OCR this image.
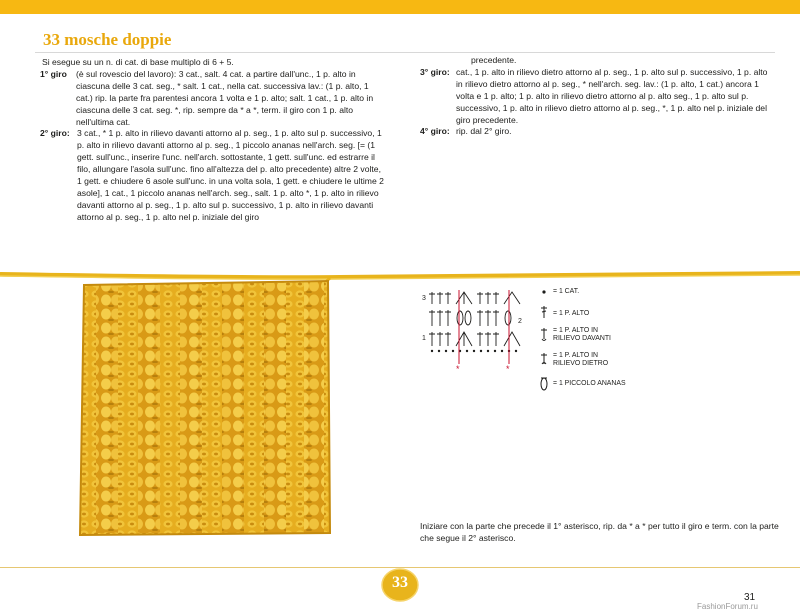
33 mosche doppie
Si esegue su un n. di cat. di base multiplo di 6 + 5.
1° giro (è sul rovescio del lavoro): 3 cat., salt. 4 cat. a partire dall'unc., 1 p. alto in ciascuna delle 3 cat. seg., * salt. 1 cat., nella cat. successiva lav.: (1 p. alto, 1 cat.) rip. la parte fra parentesi ancora 1 volta e 1 p. alto; salt. 1 cat., 1 p. alto in ciascuna delle 3 cat. seg. *, rip. sempre da * a *, term. il giro con 1 p. alto nell'ultima cat.
2° giro: 3 cat., * 1 p. alto in rilievo davanti attorno al p. seg., 1 p. alto sul p. successivo, 1 p. alto in rilievo davanti attorno al p. seg., 1 piccolo ananas nell'arch. seg. [= (1 gett. sull'unc., inserire l'unc. nell'arch. sottostante, 1 gett. sull'unc. ed estrarre il filo, allungare l'asola sull'unc. fino all'altezza del p. alto precedente) altre 2 volte, 1 gett. e chiudere 6 asole sull'unc. in una volta sola, 1 gett. e chiudere le ultime 2 asole], 1 cat., 1 piccolo ananas nell'arch. seg., salt. 1 p. alto *, 1 p. alto in rilievo davanti attorno al p. seg., 1 p. alto sul p. successivo, 1 p. alto in rilievo davanti attorno al p. seg., 1 p. alto nel p. iniziale del giro
precedente.
3° giro: cat., 1 p. alto in rilievo dietro attorno al p. seg., 1 p. alto sul p. successivo, 1 p. alto in rilievo dietro attorno al p. seg., * nell'arch. seg. lav.: (1 p. alto, 1 cat.) ancora 1 volta e 1 p. alto; 1 p. alto in rilievo dietro attorno al p. alto seg., 1 p. alto sul p. successivo, 1 p. alto in rilievo dietro attorno al p. seg., *, 1 p. alto nel p. iniziale del giro precedente.
4° giro: rip. dal 2° giro.
3
2
1
*	*
= 1 CAT.
= 1 P. ALTO
= 1 P. ALTO IN RILIEVO DAVANTI
= 1 P. ALTO IN RILIEVO DIETRO
= 1 PICCOLO ANANAS

Iniziare con la parte che precede il 1° asterisco, rip. da * a * per tutto il giro e term. con la parte che segue il 2° asterisco.

33
31
FashionForum.ru
